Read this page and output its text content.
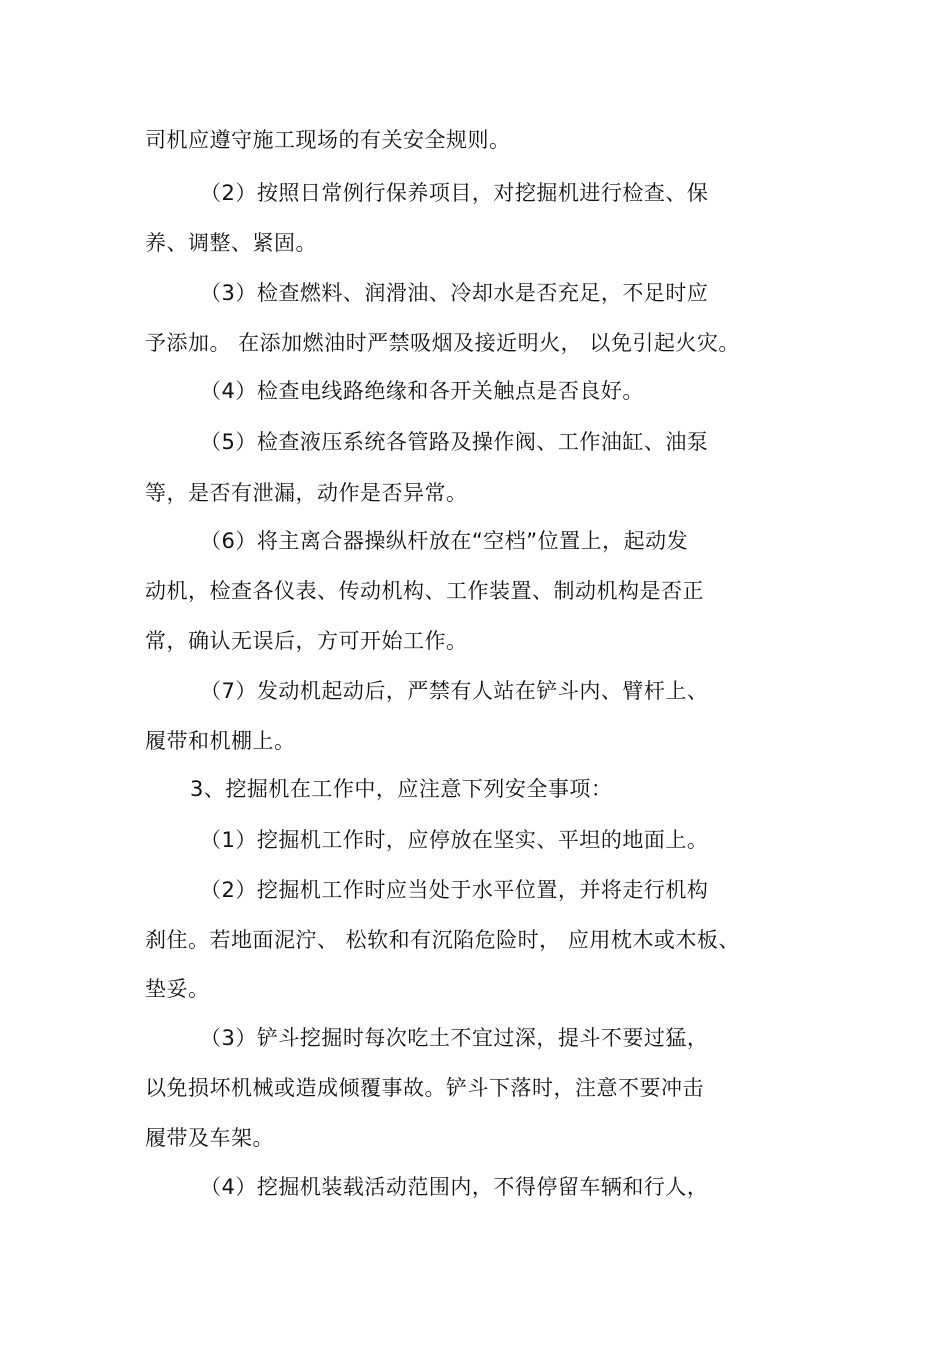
司机应遵守施工现场的有关安全规则。
（2）按照日常例行保养项目，对挖掘机进行检查、保
养、调整、紧固。
（3）检查燃料、润滑油、冷却水是否充足，不足时应
予添加。 在添加燃油时严禁吸烟及接近明火， 以免引起火灾。
（4）检查电线路绝缘和各开关触点是否良好。
（5）检查液压系统各管路及操作阀、工作油缸、油泵
等，是否有泄漏，动作是否异常。
（6）将主离合器操纵杆放在“空档”位置上，起动发
动机，检查各仪表、传动机构、工作装置、制动机构是否正
常，确认无误后，方可开始工作。
（7）发动机起动后，严禁有人站在铲斗内、臂杆上、
履带和机棚上。
3、挖掘机在工作中，应注意下列安全事项：
（1）挖掘机工作时，应停放在坚实、平坦的地面上。
（2）挖掘机工作时应当处于水平位置，并将走行机构
刹住。若地面泥泞、 松软和有沉陷危险时， 应用枕木或木板、
垫妥。
（3）铲斗挖掘时每次吃土不宜过深，提斗不要过猛，
以免损坏机械或造成倾覆事故。铲斗下落时，注意不要冲击
履带及车架。
（4）挖掘机装载活动范围内，不得停留车辆和行人，
